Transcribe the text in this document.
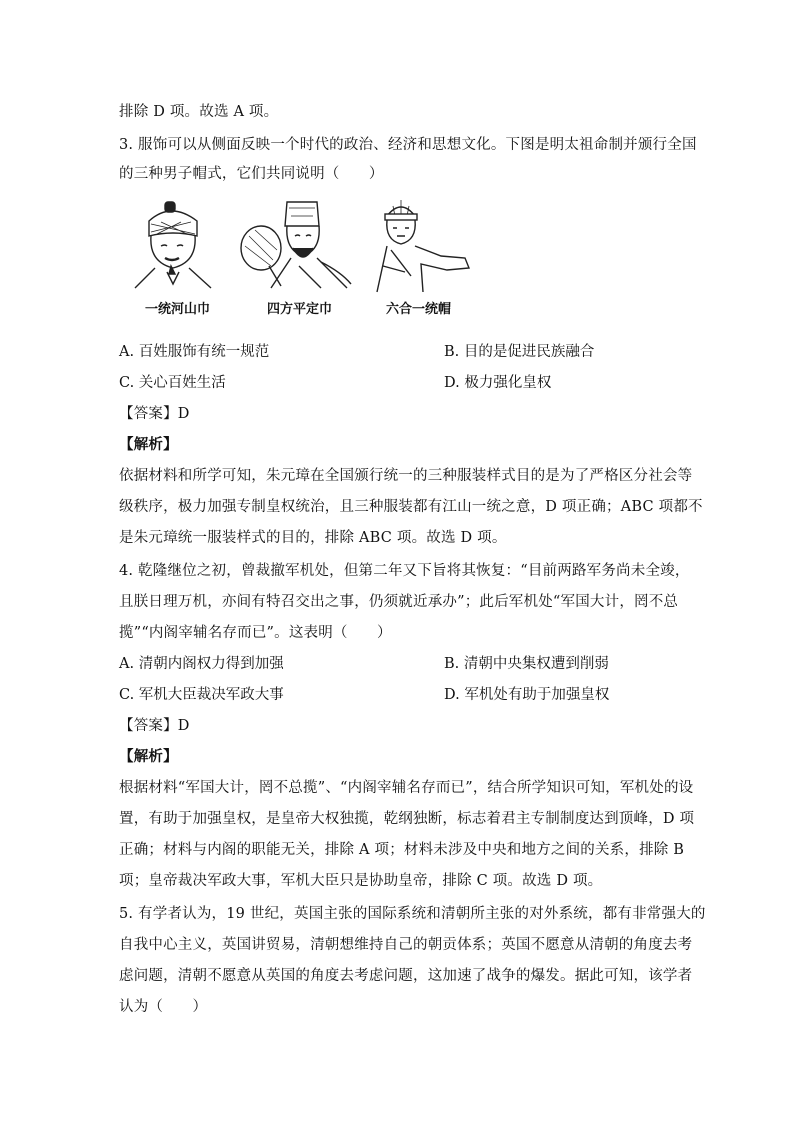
排除 D 项。故选 A 项。
3. 服饰可以从侧面反映一个时代的政治、经济和思想文化。下图是明太祖命制并颁行全国
的三种男子帽式，它们共同说明（　　）
一统河山巾	四方平定巾	六合一统帽
A. 百姓服饰有统一规范	B. 目的是促进民族融合
C. 关心百姓生活	D. 极力强化皇权
【答案】D
【解析】
依据材料和所学可知，朱元璋在全国颁行统一的三种服装样式目的是为了严格区分社会等
级秩序，极力加强专制皇权统治，且三种服装都有江山一统之意，D 项正确；ABC 项都不
是朱元璋统一服装样式的目的，排除 ABC 项。故选 D 项。
4. 乾隆继位之初，曾裁撤军机处，但第二年又下旨将其恢复：“目前两路军务尚未全竣，
且朕日理万机，亦间有特召交出之事，仍须就近承办”；此后军机处“军国大计，罔不总
揽”“内阁宰辅名存而已”。这表明（　　）
A. 清朝内阁权力得到加强	B. 清朝中央集权遭到削弱
C. 军机大臣裁决军政大事	D. 军机处有助于加强皇权
【答案】D
【解析】
根据材料“军国大计，罔不总揽”、“内阁宰辅名存而已”，结合所学知识可知，军机处的设
置，有助于加强皇权，是皇帝大权独揽，乾纲独断，标志着君主专制制度达到顶峰，D 项
正确；材料与内阁的职能无关，排除 A 项；材料未涉及中央和地方之间的关系，排除 B
项；皇帝裁决军政大事，军机大臣只是协助皇帝，排除 C 项。故选 D 项。
5. 有学者认为，19 世纪，英国主张的国际系统和清朝所主张的对外系统，都有非常强大的
自我中心主义，英国讲贸易，清朝想维持自己的朝贡体系；英国不愿意从清朝的角度去考
虑问题，清朝不愿意从英国的角度去考虑问题，这加速了战争的爆发。据此可知，该学者
认为（　　）
